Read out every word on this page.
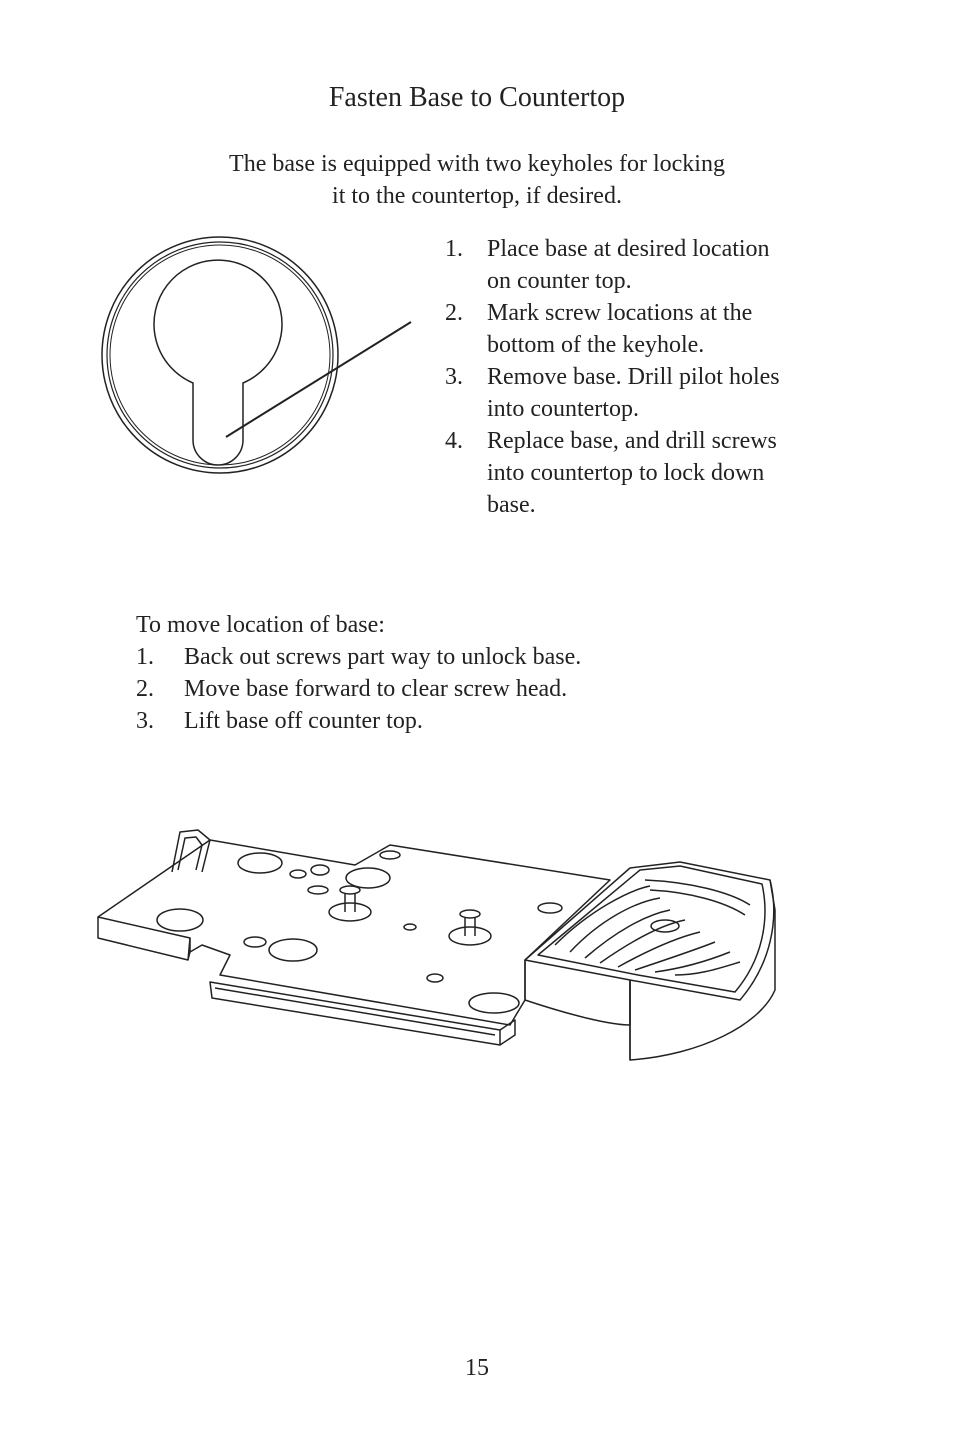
Fasten Base to Countertop
The base is equipped with two keyholes for locking
it to the countertop, if desired.
1.	Place base at desired location
on counter top.
2.	Mark screw locations at the
bottom of the keyhole.
3.	Remove base. Drill pilot holes
into countertop.
4.	Replace base, and drill screws
into countertop to lock down
base.
To move location of base:
1.	Back out screws part way to unlock base.
2.	Move base forward to clear screw head.
3.	Lift base off counter top.
15
